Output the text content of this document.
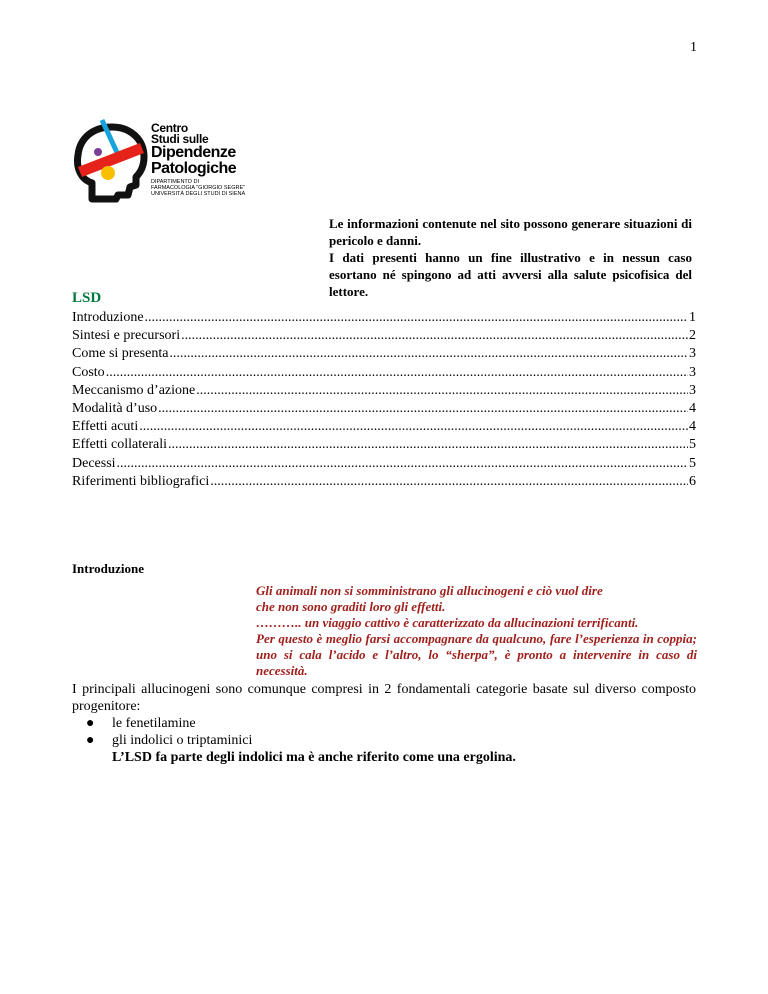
1
Centro
Studi sulle
Dipendenze
Patologiche
DIPARTIMENTO DI
FARMACOLOGIA "GIORGIO SEGRE"
UNIVERSITÀ DEGLI STUDI DI SIENA

Le informazioni contenute nel sito possono generare situazioni di pericolo e danni.

I dati presenti hanno un fine illustrativo e in nessun caso esortano né spingono ad atti avversi alla salute psicofisica del lettore.

LSD
Introduzione .....	1
Sintesi e precursori .....	2
Come si presenta .....	3
Costo .....	3
Meccanismo d’azione .....	3
Modalità d’uso .....	4
Effetti acuti .....	4
Effetti collaterali .....	5
Decessi .....	5
Riferimenti bibliografici .....	6
Introduzione

Gli animali non si somministrano gli allucinogeni e ciò vuol dire

che non sono graditi loro gli effetti.

……….. un viaggio cattivo è caratterizzato da allucinazioni terrificanti.

Per questo è meglio farsi accompagnare da qualcuno, fare l’esperienza in coppia; uno si cala l’acido e l’altro, lo “sherpa”, è pronto a intervenire in caso di necessità.

I principali allucinogeni sono comunque compresi in 2 fondamentali categorie basate sul diverso composto progenitore:

● le fenetilamine
● gli indolici o triptaminici
L’LSD fa parte degli indolici ma è anche riferito come una ergolina.
